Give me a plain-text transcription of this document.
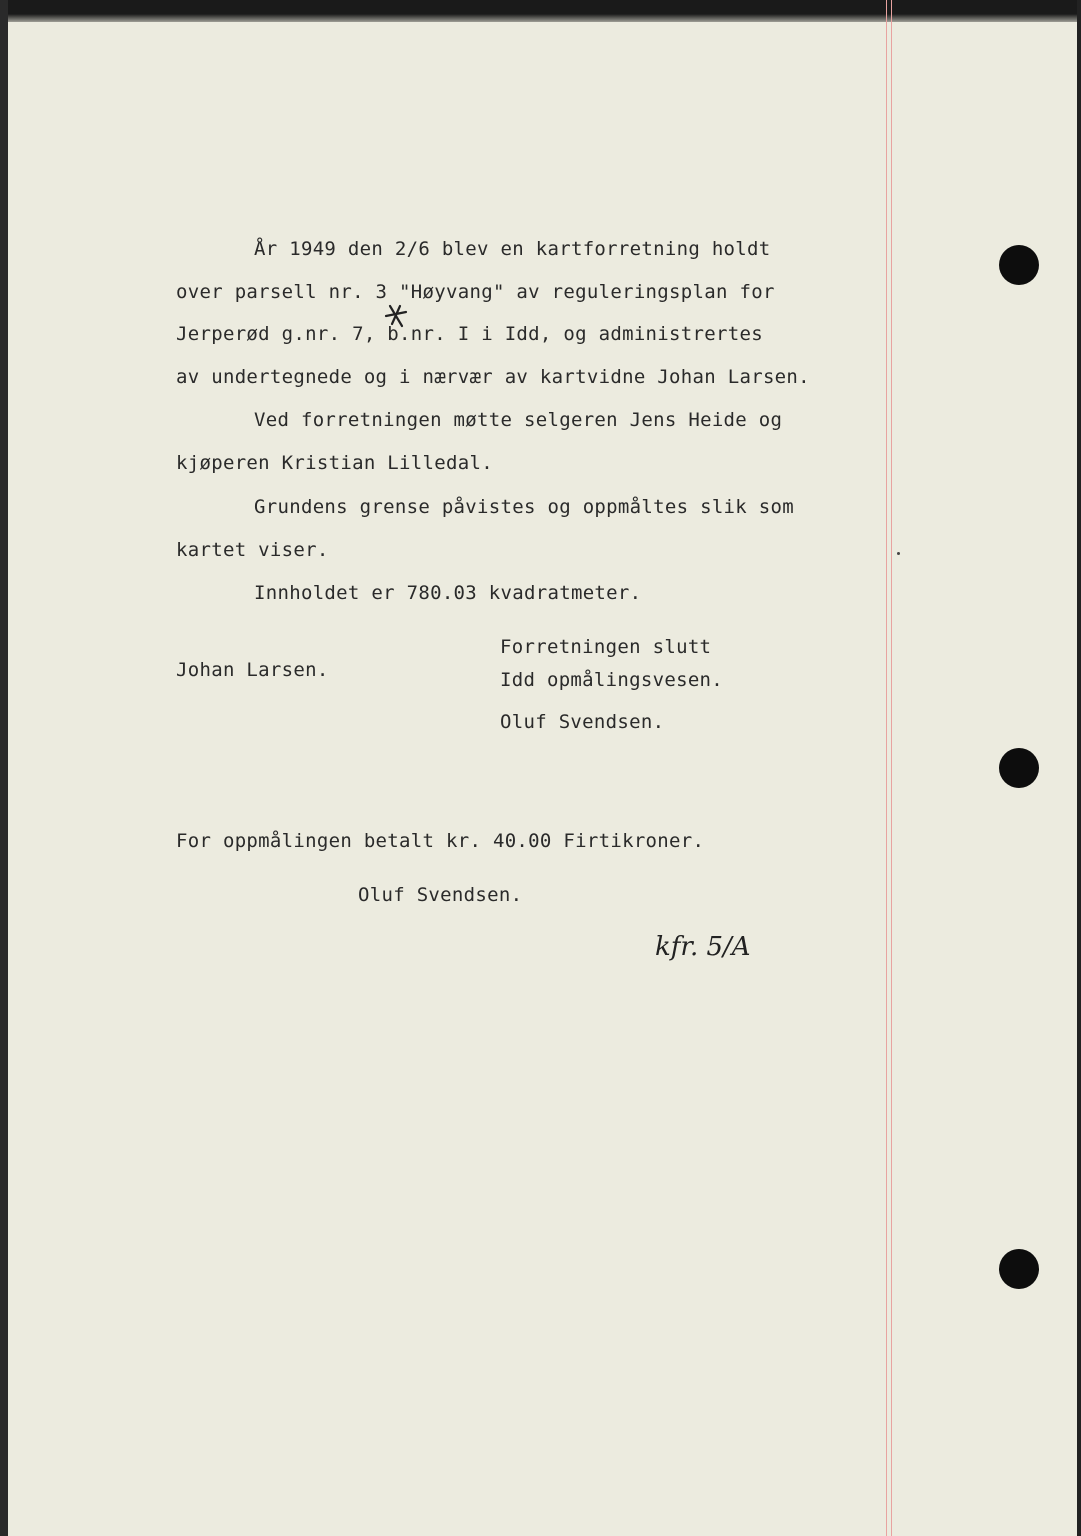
År 1949 den 2/6 blev en kartforretning holdt
over parsell nr. 3 "Høyvang" av reguleringsplan for
Jerperød g.nr. 7, b.nr. I i Idd, og administrertes
av undertegnede og i nærvær av kartvidne Johan Larsen.
Ved forretningen møtte selgeren Jens Heide og
kjøperen Kristian Lilledal.
Grundens grense påvistes og oppmåltes slik som
kartet viser.
Innholdet er 780.03 kvadratmeter.
Forretningen slutt
Johan Larsen.	Idd opmålingsvesen.
Oluf Svendsen.
For oppmålingen betalt kr. 40.00 Firtikroner.
Oluf Svendsen.
kfr. 5/A
